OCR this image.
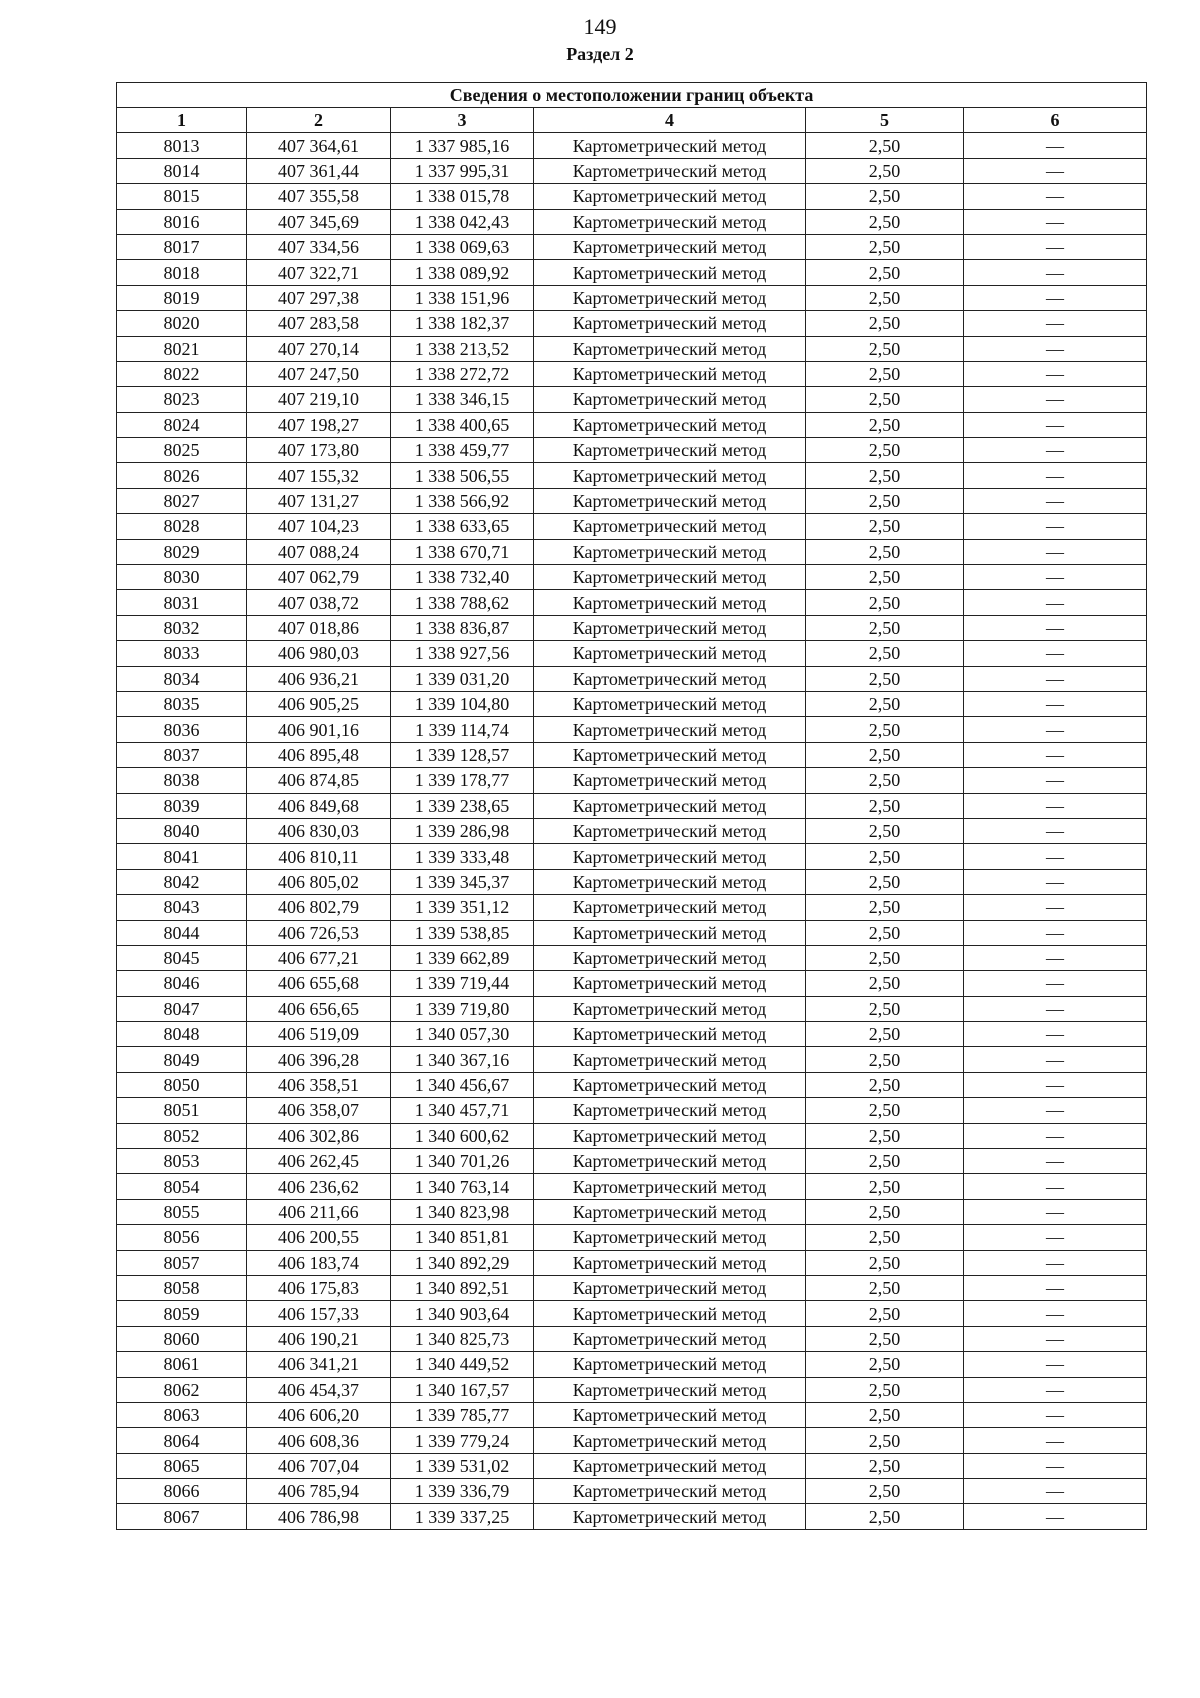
149
Раздел 2
Сведения о местоположении границ объекта					
1	2	3	4	5	6
8013	407 364,61	1 337 985,16	Картометрический метод	2,50	—
8014	407 361,44	1 337 995,31	Картометрический метод	2,50	—
8015	407 355,58	1 338 015,78	Картометрический метод	2,50	—
8016	407 345,69	1 338 042,43	Картометрический метод	2,50	—
8017	407 334,56	1 338 069,63	Картометрический метод	2,50	—
8018	407 322,71	1 338 089,92	Картометрический метод	2,50	—
8019	407 297,38	1 338 151,96	Картометрический метод	2,50	—
8020	407 283,58	1 338 182,37	Картометрический метод	2,50	—
8021	407 270,14	1 338 213,52	Картометрический метод	2,50	—
8022	407 247,50	1 338 272,72	Картометрический метод	2,50	—
8023	407 219,10	1 338 346,15	Картометрический метод	2,50	—
8024	407 198,27	1 338 400,65	Картометрический метод	2,50	—
8025	407 173,80	1 338 459,77	Картометрический метод	2,50	—
8026	407 155,32	1 338 506,55	Картометрический метод	2,50	—
8027	407 131,27	1 338 566,92	Картометрический метод	2,50	—
8028	407 104,23	1 338 633,65	Картометрический метод	2,50	—
8029	407 088,24	1 338 670,71	Картометрический метод	2,50	—
8030	407 062,79	1 338 732,40	Картометрический метод	2,50	—
8031	407 038,72	1 338 788,62	Картометрический метод	2,50	—
8032	407 018,86	1 338 836,87	Картометрический метод	2,50	—
8033	406 980,03	1 338 927,56	Картометрический метод	2,50	—
8034	406 936,21	1 339 031,20	Картометрический метод	2,50	—
8035	406 905,25	1 339 104,80	Картометрический метод	2,50	—
8036	406 901,16	1 339 114,74	Картометрический метод	2,50	—
8037	406 895,48	1 339 128,57	Картометрический метод	2,50	—
8038	406 874,85	1 339 178,77	Картометрический метод	2,50	—
8039	406 849,68	1 339 238,65	Картометрический метод	2,50	—
8040	406 830,03	1 339 286,98	Картометрический метод	2,50	—
8041	406 810,11	1 339 333,48	Картометрический метод	2,50	—
8042	406 805,02	1 339 345,37	Картометрический метод	2,50	—
8043	406 802,79	1 339 351,12	Картометрический метод	2,50	—
8044	406 726,53	1 339 538,85	Картометрический метод	2,50	—
8045	406 677,21	1 339 662,89	Картометрический метод	2,50	—
8046	406 655,68	1 339 719,44	Картометрический метод	2,50	—
8047	406 656,65	1 339 719,80	Картометрический метод	2,50	—
8048	406 519,09	1 340 057,30	Картометрический метод	2,50	—
8049	406 396,28	1 340 367,16	Картометрический метод	2,50	—
8050	406 358,51	1 340 456,67	Картометрический метод	2,50	—
8051	406 358,07	1 340 457,71	Картометрический метод	2,50	—
8052	406 302,86	1 340 600,62	Картометрический метод	2,50	—
8053	406 262,45	1 340 701,26	Картометрический метод	2,50	—
8054	406 236,62	1 340 763,14	Картометрический метод	2,50	—
8055	406 211,66	1 340 823,98	Картометрический метод	2,50	—
8056	406 200,55	1 340 851,81	Картометрический метод	2,50	—
8057	406 183,74	1 340 892,29	Картометрический метод	2,50	—
8058	406 175,83	1 340 892,51	Картометрический метод	2,50	—
8059	406 157,33	1 340 903,64	Картометрический метод	2,50	—
8060	406 190,21	1 340 825,73	Картометрический метод	2,50	—
8061	406 341,21	1 340 449,52	Картометрический метод	2,50	—
8062	406 454,37	1 340 167,57	Картометрический метод	2,50	—
8063	406 606,20	1 339 785,77	Картометрический метод	2,50	—
8064	406 608,36	1 339 779,24	Картометрический метод	2,50	—
8065	406 707,04	1 339 531,02	Картометрический метод	2,50	—
8066	406 785,94	1 339 336,79	Картометрический метод	2,50	—
8067	406 786,98	1 339 337,25	Картометрический метод	2,50	—
